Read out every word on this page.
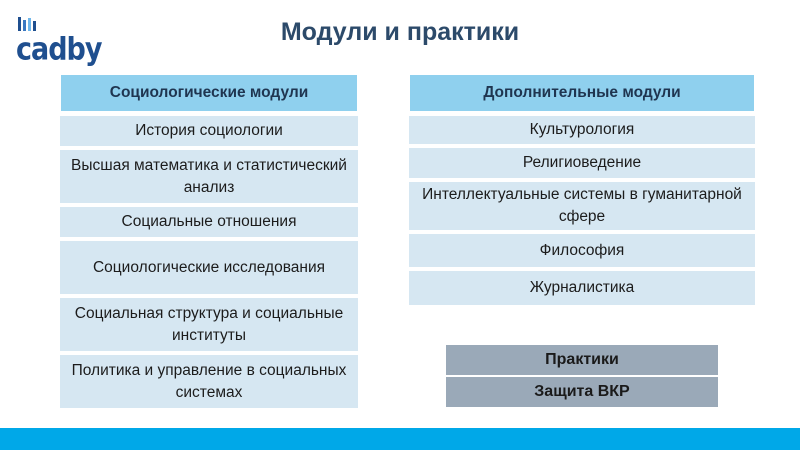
cadby	Модули и практики
Социологические модули
История социологии
Высшая математика и статистический анализ
Социальные отношения
Социологические исследования
Социальная структура и социальные институты
Политика и управление в социальных системах
Дополнительные модули
Культурология
Религиоведение
Интеллектуальные системы в гуманитарной сфере
Философия
Журналистика
Практики
Защита ВКР
